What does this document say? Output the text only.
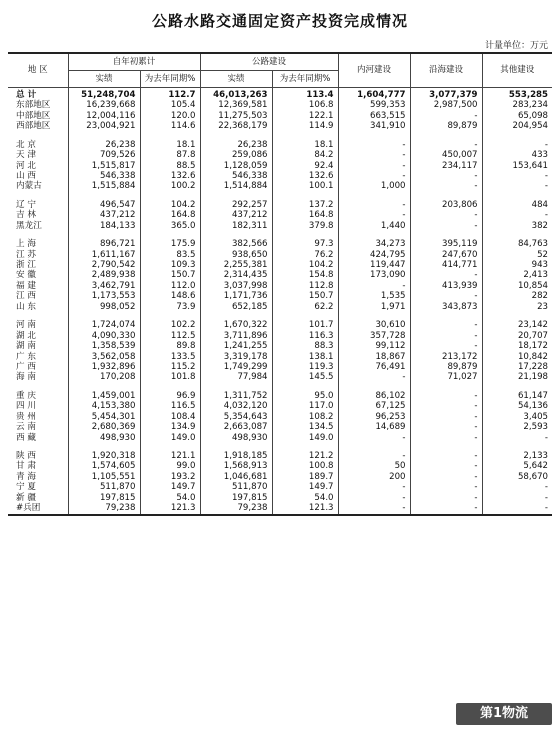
公路水路交通固定资产投资完成情况
计量单位：万元
地 区	自年初累计		公路建设		内河建设	沿海建设	其他建设
	实绩	为去年同期%	实绩	为去年同期%			
总 计	51,248,704	112.7	46,013,263	113.4	1,604,777	3,077,379	553,285
东部地区	16,239,668	105.4	12,369,581	106.8	599,353	2,987,500	283,234
中部地区	12,004,116	120.0	11,275,503	122.1	663,515	-	65,098
西部地区	23,004,921	114.6	22,368,179	114.9	341,910	89,879	204,954

北 京	26,238	18.1	26,238	18.1	-	-	-
天 津	709,526	87.8	259,086	84.2	-	450,007	433
河 北	1,515,817	88.5	1,128,059	92.4	-	234,117	153,641
山 西	546,338	132.6	546,338	132.6	-	-	-
内蒙古	1,515,884	100.2	1,514,884	100.1	1,000	-	-

辽 宁	496,547	104.2	292,257	137.2	-	203,806	484
吉 林	437,212	164.8	437,212	164.8	-	-	-
黑龙江	184,133	365.0	182,311	379.8	1,440	-	382

上 海	896,721	175.9	382,566	97.3	34,273	395,119	84,763
江 苏	1,611,167	83.5	938,650	76.2	424,795	247,670	52
浙 江	2,790,542	109.3	2,255,381	104.2	119,447	414,771	943
安 徽	2,489,938	150.7	2,314,435	154.8	173,090	-	2,413
福 建	3,462,791	112.0	3,037,998	112.8	-	413,939	10,854
江 西	1,173,553	148.6	1,171,736	150.7	1,535	-	282
山 东	998,052	73.9	652,185	62.2	1,971	343,873	23

河 南	1,724,074	102.2	1,670,322	101.7	30,610	-	23,142
湖 北	4,090,330	112.5	3,711,896	116.3	357,728	-	20,707
湖 南	1,358,539	89.8	1,241,255	88.3	99,112	-	18,172
广 东	3,562,058	133.5	3,319,178	138.1	18,867	213,172	10,842
广 西	1,932,896	115.2	1,749,299	119.3	76,491	89,879	17,228
海 南	170,208	101.8	77,984	145.5	-	71,027	21,198

重 庆	1,459,001	96.9	1,311,752	95.0	86,102	-	61,147
四 川	4,153,380	116.5	4,032,120	117.0	67,125	-	54,136
贵 州	5,454,301	108.4	5,354,643	108.2	96,253	-	3,405
云 南	2,680,369	134.9	2,663,087	134.5	14,689	-	2,593
西 藏	498,930	149.0	498,930	149.0	-	-	-

陕 西	1,920,318	121.1	1,918,185	121.2	-	-	2,133
甘 肃	1,574,605	99.0	1,568,913	100.8	50	-	5,642
青 海	1,105,551	193.2	1,046,681	189.7	200	-	58,670
宁 夏	511,870	149.7	511,870	149.7	-	-	-
新 疆	197,815	54.0	197,815	54.0	-	-	-
#兵团	79,238	121.3	79,238	121.3	-	-	-
第1物流
